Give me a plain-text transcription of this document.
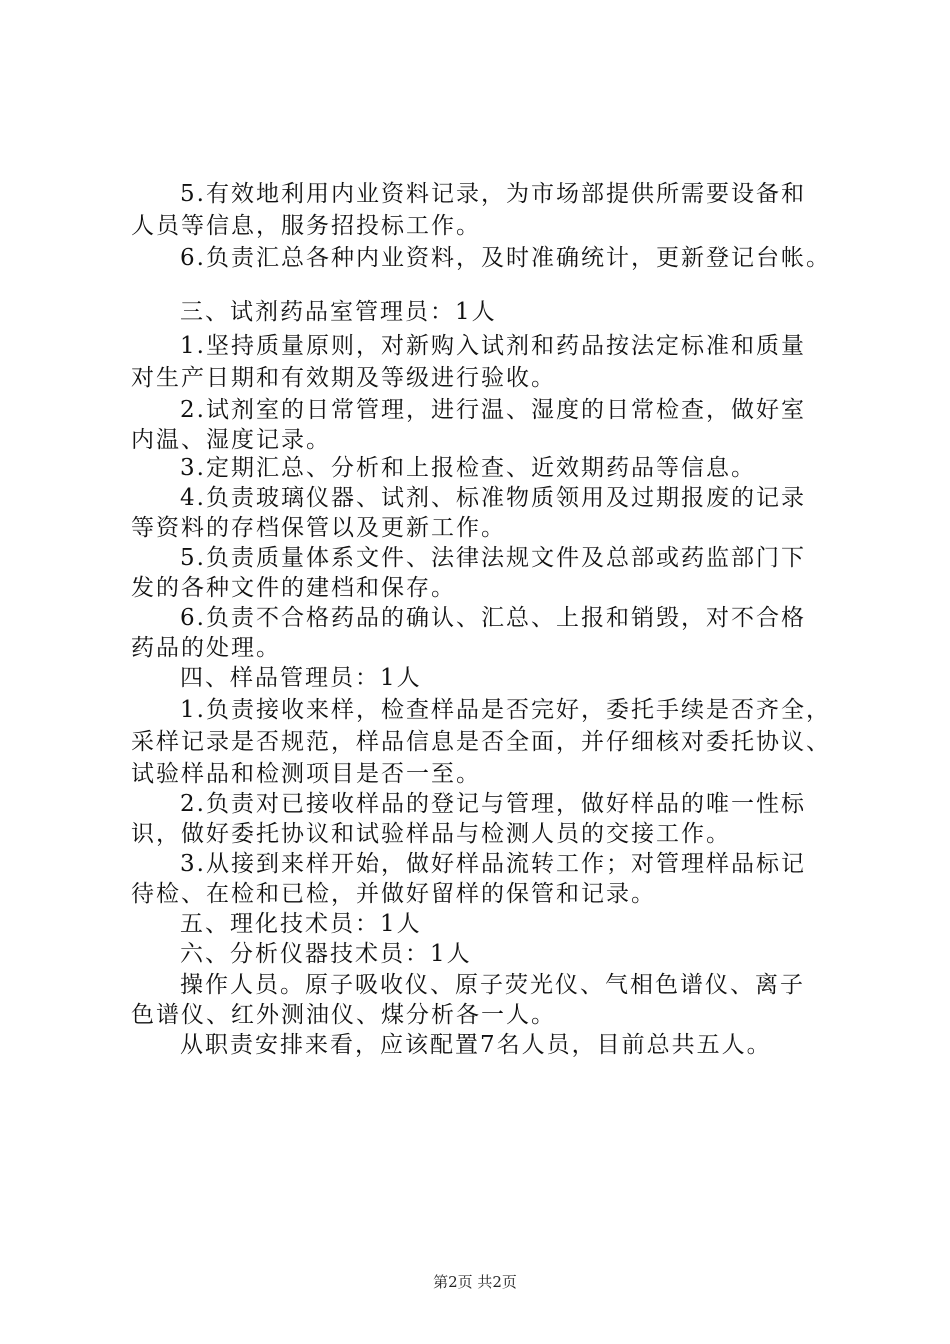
5.有效地利用内业资料记录，为市场部提供所需要设备和
人员等信息，服务招投标工作。
6.负责汇总各种内业资料，及时准确统计，更新登记台帐。
三、试剂药品室管理员：1人
1.坚持质量原则，对新购入试剂和药品按法定标准和质量
对生产日期和有效期及等级进行验收。
2.试剂室的日常管理，进行温、湿度的日常检查，做好室
内温、湿度记录。
3.定期汇总、分析和上报检查、近效期药品等信息。
4.负责玻璃仪器、试剂、标准物质领用及过期报废的记录
等资料的存档保管以及更新工作。
5.负责质量体系文件、法律法规文件及总部或药监部门下
发的各种文件的建档和保存。
6.负责不合格药品的确认、汇总、上报和销毁，对不合格
药品的处理。
四、样品管理员：1人
1.负责接收来样，检查样品是否完好，委托手续是否齐全，
采样记录是否规范，样品信息是否全面，并仔细核对委托协议、
试验样品和检测项目是否一至。
2.负责对已接收样品的登记与管理，做好样品的唯一性标
识，做好委托协议和试验样品与检测人员的交接工作。
3.从接到来样开始，做好样品流转工作；对管理样品标记
待检、在检和已检，并做好留样的保管和记录。
五、理化技术员：1人
六、分析仪器技术员：1人
操作人员。原子吸收仪、原子荧光仪、气相色谱仪、离子
色谱仪、红外测油仪、煤分析各一人。
从职责安排来看，应该配置7名人员，目前总共五人。
第2页 共2页
